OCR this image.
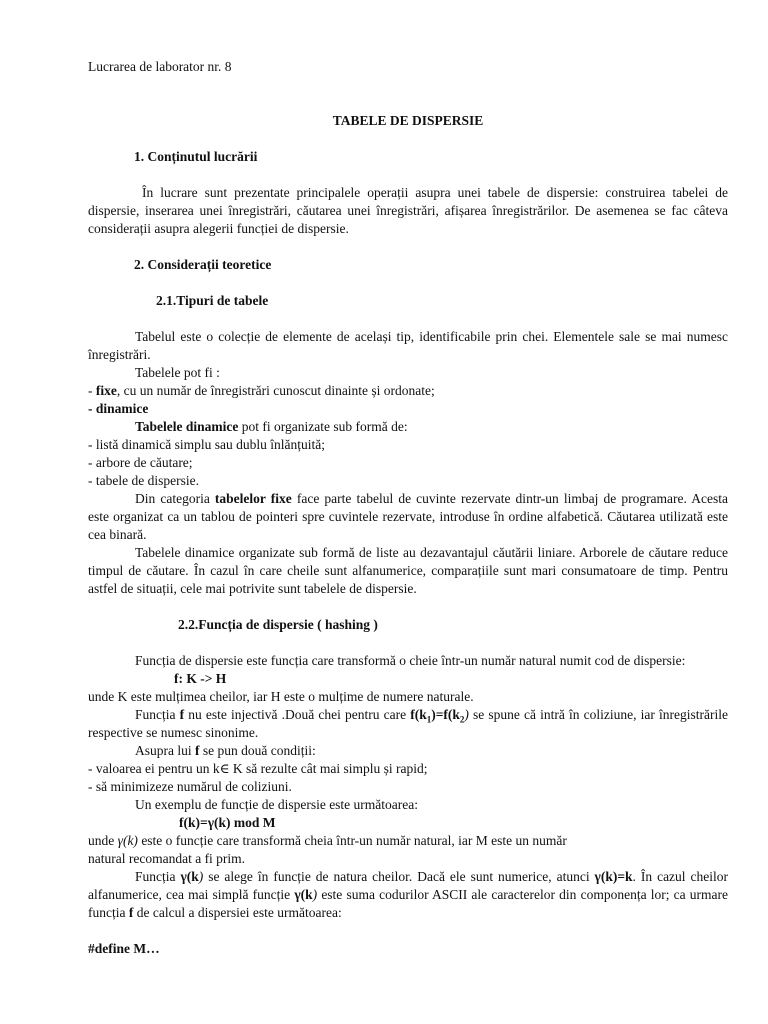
Lucrarea de laborator nr. 8

TABELE DE DISPERSIE

1. Conținutul lucrării

În lucrare sunt prezentate principalele operații asupra unei tabele de dispersie: construirea tabelei de dispersie, inserarea unei înregistrări, căutarea unei înregistrări, afișarea înregistrărilor. De asemenea se fac câteva considerații asupra alegerii funcției de dispersie.

2. Considerații teoretice

2.1.Tipuri de tabele

Tabelul este o colecție de elemente de același tip, identificabile prin chei. Elementele sale se mai numesc înregistrări.

Tabelele pot fi :

- fixe, cu un număr de înregistrări cunoscut dinainte și ordonate;

- dinamice

Tabelele dinamice pot fi organizate sub formă de:

- listă dinamică simplu sau dublu înlănțuită;

- arbore de căutare;

- tabele de dispersie.

Din categoria tabelelor fixe face parte tabelul de cuvinte rezervate dintr-un limbaj de programare. Acesta este organizat ca un tablou de pointeri spre cuvintele rezervate, introduse în ordine alfabetică. Căutarea utilizată este cea binară.

Tabelele dinamice organizate sub formă de liste au dezavantajul căutării liniare. Arborele de căutare reduce timpul de căutare. În cazul în care cheile sunt alfanumerice, comparațiile sunt mari consumatoare de timp. Pentru astfel de situații, cele mai potrivite sunt tabelele de dispersie.

2.2.Funcția de dispersie ( hashing )

Funcția de dispersie este funcția care transformă o cheie într-un număr natural numit cod de dispersie:

f: K -> H

unde K este mulțimea cheilor, iar H este o mulțime de numere naturale.

Funcția f nu este injectivă .Două chei pentru care $f(k_1)=f(k_2)$ se spune că intră în coliziune, iar înregistrările respective se numesc sinonime.

Asupra lui f se pun două condiții:

- valoarea ei pentru un k∈ K să rezulte cât mai simplu și rapid;

- să minimizeze numărul de coliziuni.

Un exemplu de funcție de dispersie este următoarea:

f(k)=γ(k) mod M

unde γ(k) este o funcție care transformă cheia într-un număr natural, iar M este un număr

natural recomandat a fi prim.

Funcția γ(k) se alege în funcție de natura cheilor. Dacă ele sunt numerice, atunci γ(k)=k. În cazul cheilor alfanumerice, cea mai simplă funcție γ(k) este suma codurilor ASCII ale caracterelor din componența lor; ca urmare funcția f de calcul a dispersiei este următoarea:

#define M…
